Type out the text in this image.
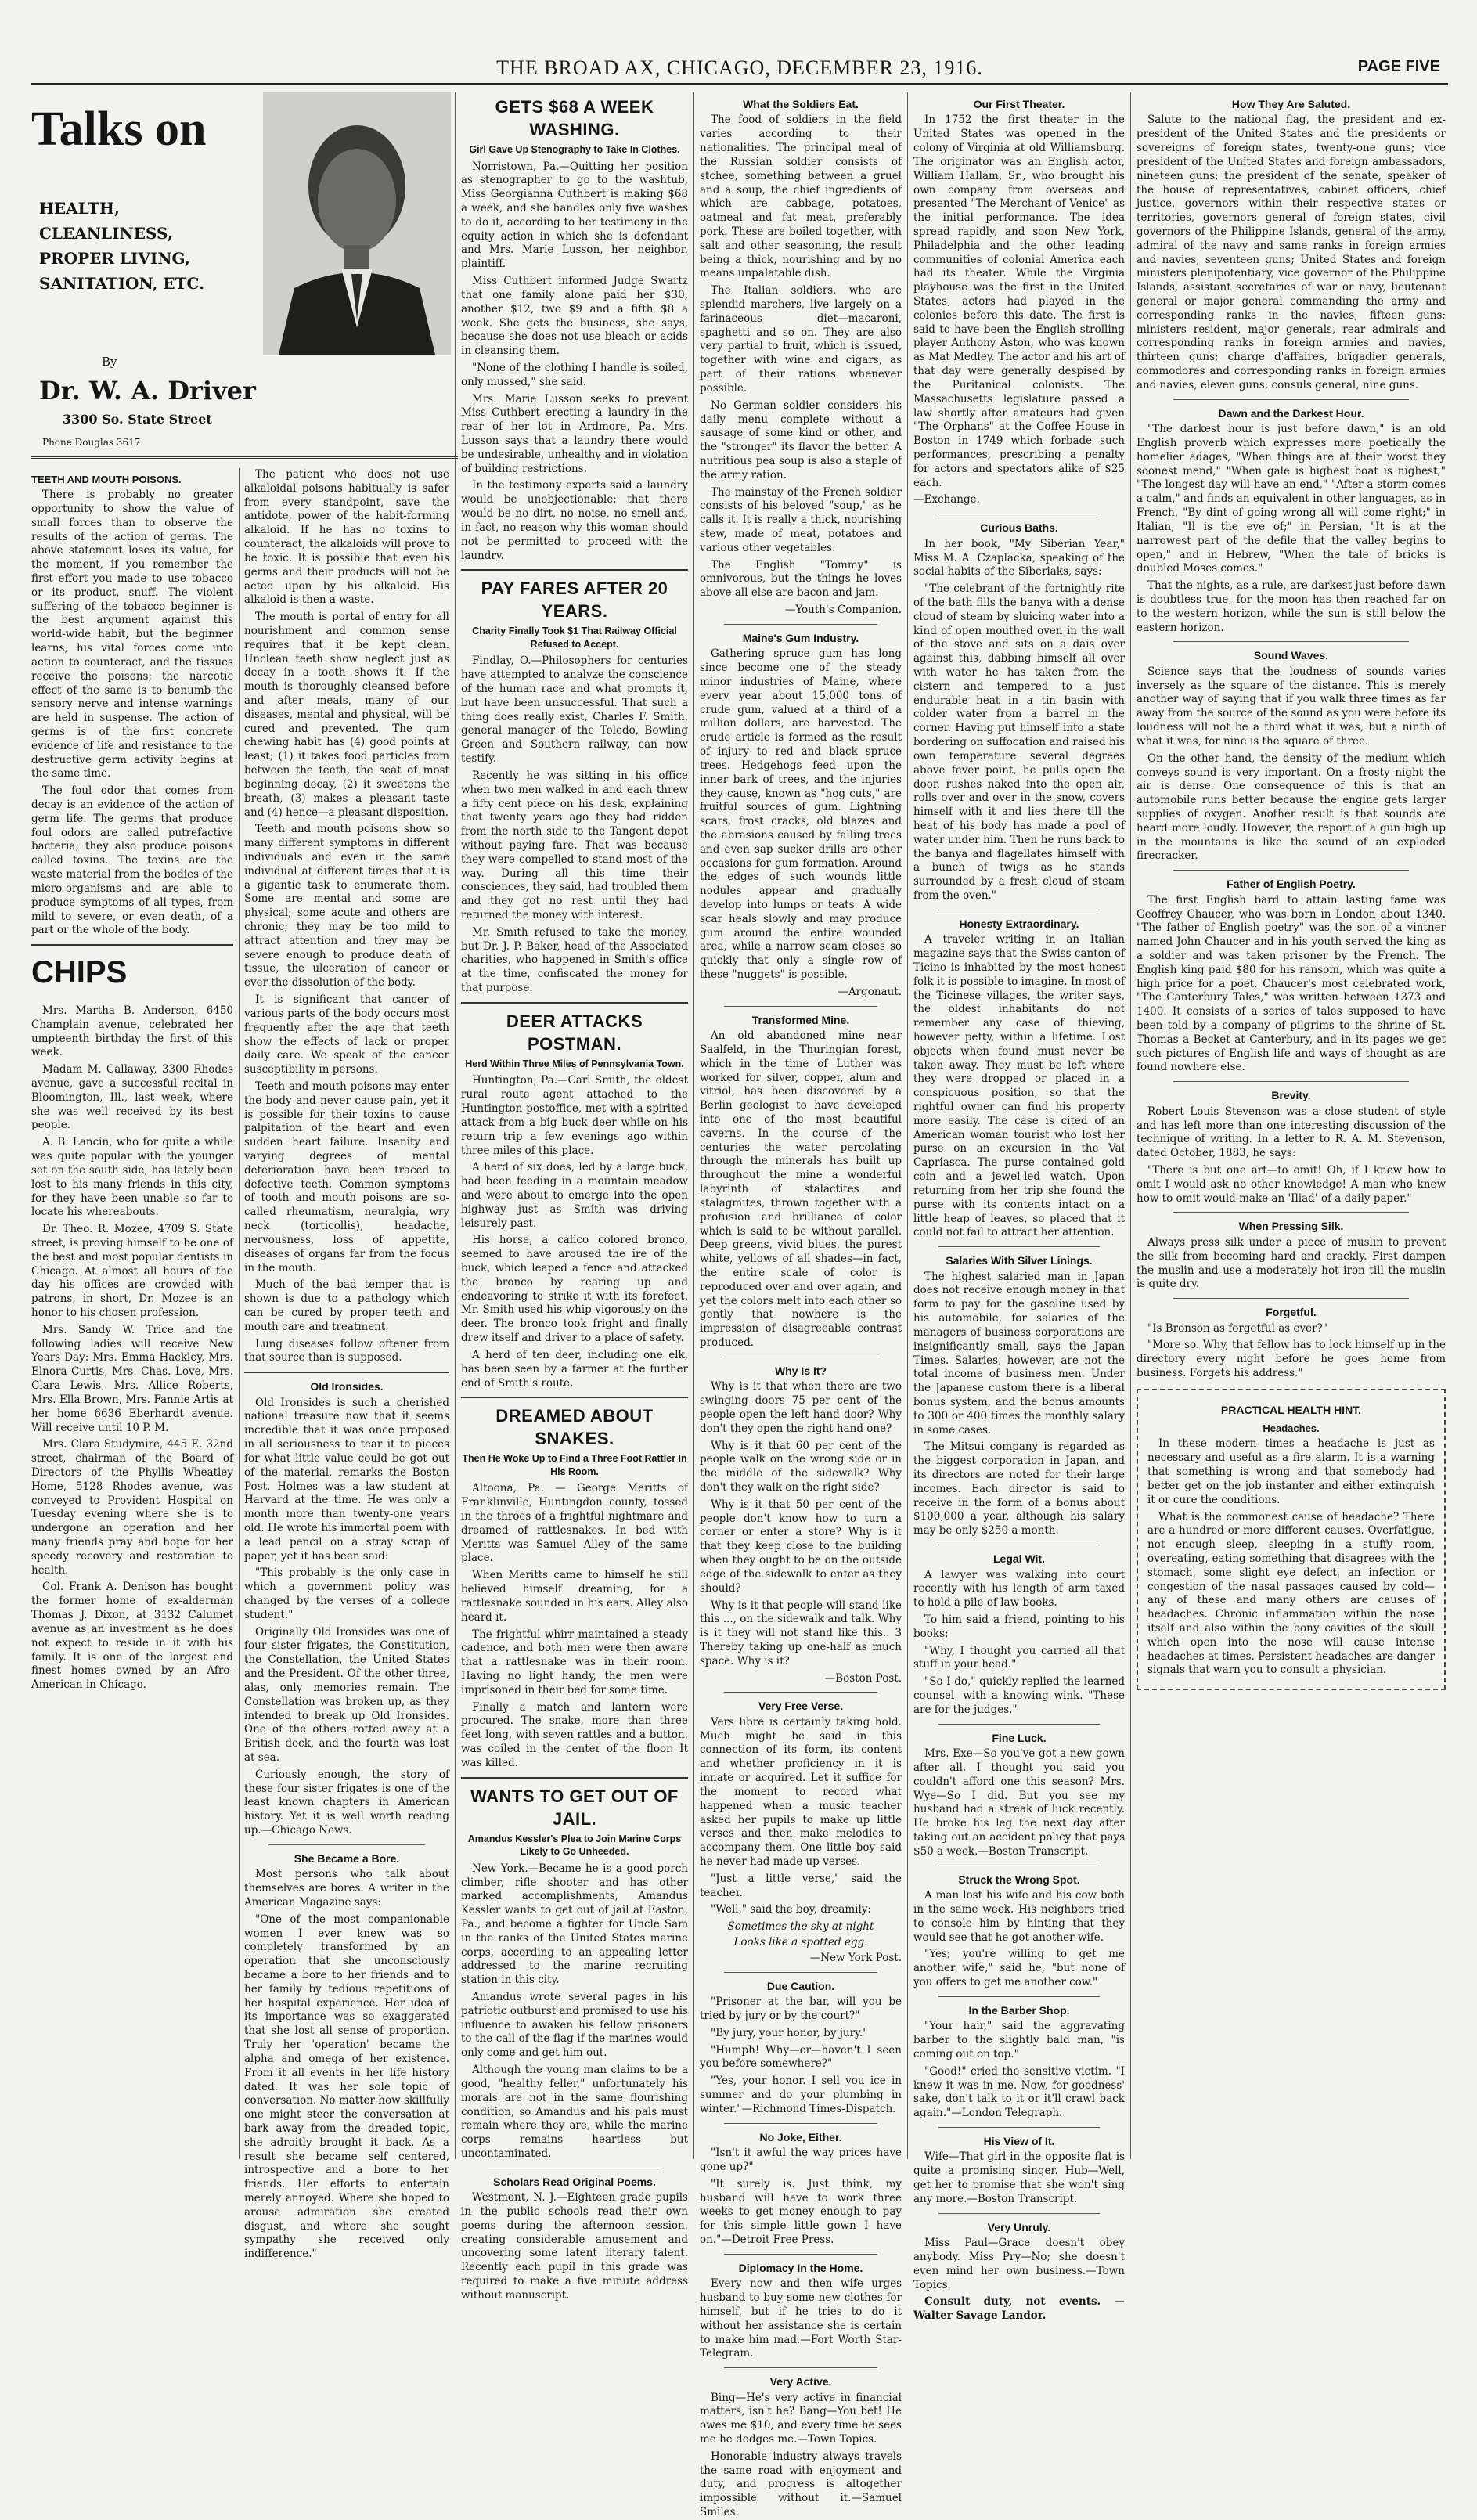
THE BROAD AX, CHICAGO, DECEMBER 23, 1916.	PAGE FIVE
Talks on
HEALTH,
CLEANLINESS,
PROPER LIVING,
SANITATION, ETC.
By
Dr. W. A. Driver
3300 So. State Street
Phone Douglas 3617
TEETH AND MOUTH POISONS.

There is probably no greater opportunity to show the value of small forces than to observe the results of the action of germs. The above statement loses its value, for the moment, if you remember the first effort you made to use tobacco or its product, snuff. The violent suffering of the tobacco beginner is the best argument against this world-wide habit, but the beginner learns, his vital forces come into action to counteract, and the tissues receive the poisons; the narcotic effect of the same is to benumb the sensory nerve and intense warnings are held in suspense. The action of germs is of the first concrete evidence of life and resistance to the destructive germ activity begins at the same time.

The foul odor that comes from decay is an evidence of the action of germ life. The germs that produce foul odors are called putrefactive bacteria; they also produce poisons called toxins. The toxins are the waste material from the bodies of the micro-organisms and are able to produce symptoms of all types, from mild to severe, or even death, of a part or the whole of the body.

CHIPS

Mrs. Martha B. Anderson, 6450 Champlain avenue, celebrated her umpteenth birthday the first of this week.

Madam M. Callaway, 3300 Rhodes avenue, gave a successful recital in Bloomington, Ill., last week, where she was well received by its best people.

A. B. Lancin, who for quite a while was quite popular with the younger set on the south side, has lately been lost to his many friends in this city, for they have been unable so far to locate his whereabouts.

Dr. Theo. R. Mozee, 4709 S. State street, is proving himself to be one of the best and most popular dentists in Chicago. At almost all hours of the day his offices are crowded with patrons, in short, Dr. Mozee is an honor to his chosen profession.

Mrs. Sandy W. Trice and the following ladies will receive New Years Day: Mrs. Emma Hackley, Mrs. Elnora Curtis, Mrs. Chas. Love, Mrs. Clara Lewis, Mrs. Allice Roberts, Mrs. Ella Brown, Mrs. Fannie Artis at her home 6636 Eberhardt avenue. Will receive until 10 P. M.

Mrs. Clara Studymire, 445 E. 32nd street, chairman of the Board of Directors of the Phyllis Wheatley Home, 5128 Rhodes avenue, was conveyed to Provident Hospital on Tuesday evening where she is to undergone an operation and her many friends pray and hope for her speedy recovery and restoration to health.

Col. Frank A. Denison has bought the former home of ex-alderman Thomas J. Dixon, at 3132 Calumet avenue as an investment as he does not expect to reside in it with his family. It is one of the largest and finest homes owned by an Afro-American in Chicago.

The patient who does not use alkaloidal poisons habitually is safer from every standpoint, save the antidote, power of the habit-forming alkaloid. If he has no toxins to counteract, the alkaloids will prove to be toxic. It is possible that even his germs and their products will not be acted upon by his alkaloid. His alkaloid is then a waste.

The mouth is portal of entry for all nourishment and common sense requires that it be kept clean. Unclean teeth show neglect just as decay in a tooth shows it. If the mouth is thoroughly cleansed before and after meals, many of our diseases, mental and physical, will be cured and prevented. The gum chewing habit has (4) good points at least; (1) it takes food particles from between the teeth, the seat of most beginning decay, (2) it sweetens the breath, (3) makes a pleasant taste and (4) hence—a pleasant disposition.

Teeth and mouth poisons show so many different symptoms in different individuals and even in the same individual at different times that it is a gigantic task to enumerate them. Some are mental and some are physical; some acute and others are chronic; they may be too mild to attract attention and they may be severe enough to produce death of tissue, the ulceration of cancer or ever the dissolution of the body.

It is significant that cancer of various parts of the body occurs most frequently after the age that teeth show the effects of lack or proper daily care. We speak of the cancer susceptibility in persons.

Teeth and mouth poisons may enter the body and never cause pain, yet it is possible for their toxins to cause palpitation of the heart and even sudden heart failure. Insanity and varying degrees of mental deterioration have been traced to defective teeth. Common symptoms of tooth and mouth poisons are so-called rheumatism, neuralgia, wry neck (torticollis), headache, nervousness, loss of appetite, diseases of organs far from the focus in the mouth.

Much of the bad temper that is shown is due to a pathology which can be cured by proper teeth and mouth care and treatment.

Lung diseases follow oftener from that source than is supposed.

Old Ironsides.

Old Ironsides is such a cherished national treasure now that it seems incredible that it was once proposed in all seriousness to tear it to pieces for what little value could be got out of the material, remarks the Boston Post. Holmes was a law student at Harvard at the time. He was only a month more than twenty-one years old. He wrote his immortal poem with a lead pencil on a stray scrap of paper, yet it has been said:

"This probably is the only case in which a government policy was changed by the verses of a college student."

Originally Old Ironsides was one of four sister frigates, the Constitution, the Constellation, the United States and the President. Of the other three, alas, only memories remain. The Constellation was broken up, as they intended to break up Old Ironsides. One of the others rotted away at a British dock, and the fourth was lost at sea.

Curiously enough, the story of these four sister frigates is one of the least known chapters in American history. Yet it is well worth reading up.—Chicago News.

She Became a Bore.

Most persons who talk about themselves are bores. A writer in the American Magazine says:

"One of the most companionable women I ever knew was so completely transformed by an operation that she unconsciously became a bore to her friends and to her family by tedious repetitions of her hospital experience. Her idea of its importance was so exaggerated that she lost all sense of proportion. Truly her 'operation' became the alpha and omega of her existence. From it all events in her life history dated. It was her sole topic of conversation. No matter how skillfully one might steer the conversation at bark away from the dreaded topic, she adroitly brought it back. As a result she became self centered, introspective and a bore to her friends. Her efforts to entertain merely annoyed. Where she hoped to arouse admiration she created disgust, and where she sought sympathy she received only indifference."

GETS $68 A WEEK WASHING.
Girl Gave Up Stenography to Take In Clothes.

Norristown, Pa.—Quitting her position as stenographer to go to the washtub, Miss Georgianna Cuthbert is making $68 a week, and she handles only five washes to do it, according to her testimony in the equity action in which she is defendant and Mrs. Marie Lusson, her neighbor, plaintiff.

Miss Cuthbert informed Judge Swartz that one family alone paid her $30, another $12, two $9 and a fifth $8 a week. She gets the business, she says, because she does not use bleach or acids in cleansing them.

"None of the clothing I handle is soiled, only mussed," she said.

Mrs. Marie Lusson seeks to prevent Miss Cuthbert erecting a laundry in the rear of her lot in Ardmore, Pa. Mrs. Lusson says that a laundry there would be undesirable, unhealthy and in violation of building restrictions.

In the testimony experts said a laundry would be unobjectionable; that there would be no dirt, no noise, no smell and, in fact, no reason why this woman should not be permitted to proceed with the laundry.

PAY FARES AFTER 20 YEARS.
Charity Finally Took $1 That Railway Official Refused to Accept.

Findlay, O.—Philosophers for centuries have attempted to analyze the conscience of the human race and what prompts it, but have been unsuccessful. That such a thing does really exist, Charles F. Smith, general manager of the Toledo, Bowling Green and Southern railway, can now testify.

Recently he was sitting in his office when two men walked in and each threw a fifty cent piece on his desk, explaining that twenty years ago they had ridden from the north side to the Tangent depot without paying fare. That was because they were compelled to stand most of the way. During all this time their consciences, they said, had troubled them and they got no rest until they had returned the money with interest.

Mr. Smith refused to take the money, but Dr. J. P. Baker, head of the Associated charities, who happened in Smith's office at the time, confiscated the money for that purpose.

DEER ATTACKS POSTMAN.
Herd Within Three Miles of Pennsylvania Town.

Huntington, Pa.—Carl Smith, the oldest rural route agent attached to the Huntington postoffice, met with a spirited attack from a big buck deer while on his return trip a few evenings ago within three miles of this place.

A herd of six does, led by a large buck, had been feeding in a mountain meadow and were about to emerge into the open highway just as Smith was driving leisurely past.

His horse, a calico colored bronco, seemed to have aroused the ire of the buck, which leaped a fence and attacked the bronco by rearing up and endeavoring to strike it with its forefeet. Mr. Smith used his whip vigorously on the deer. The bronco took fright and finally drew itself and driver to a place of safety.

A herd of ten deer, including one elk, has been seen by a farmer at the further end of Smith's route.

DREAMED ABOUT SNAKES.
Then He Woke Up to Find a Three Foot Rattler In His Room.

Altoona, Pa. — George Meritts of Franklinville, Huntingdon county, tossed in the throes of a frightful nightmare and dreamed of rattlesnakes. In bed with Meritts was Samuel Alley of the same place.

When Meritts came to himself he still believed himself dreaming, for a rattlesnake sounded in his ears. Alley also heard it.

The frightful whirr maintained a steady cadence, and both men were then aware that a rattlesnake was in their room. Having no light handy, the men were imprisoned in their bed for some time.

Finally a match and lantern were procured. The snake, more than three feet long, with seven rattles and a button, was coiled in the center of the floor. It was killed.

WANTS TO GET OUT OF JAIL.
Amandus Kessler's Plea to Join Marine Corps Likely to Go Unheeded.

New York.—Became he is a good porch climber, rifle shooter and has other marked accomplishments, Amandus Kessler wants to get out of jail at Easton, Pa., and become a fighter for Uncle Sam in the ranks of the United States marine corps, according to an appealing letter addressed to the marine recruiting station in this city.

Amandus wrote several pages in his patriotic outburst and promised to use his influence to awaken his fellow prisoners to the call of the flag if the marines would only come and get him out.

Although the young man claims to be a good, "healthy feller," unfortunately his morals are not in the same flourishing condition, so Amandus and his pals must remain where they are, while the marine corps remains heartless but uncontaminated.

Scholars Read Original Poems.

Westmont, N. J.—Eighteen grade pupils in the public schools read their own poems during the afternoon session, creating considerable amusement and uncovering some latent literary talent. Recently each pupil in this grade was required to make a five minute address without manuscript.

What the Soldiers Eat.

The food of soldiers in the field varies according to their nationalities. The principal meal of the Russian soldier consists of stchee, something between a gruel and a soup, the chief ingredients of which are cabbage, potatoes, oatmeal and fat meat, preferably pork. These are boiled together, with salt and other seasoning, the result being a thick, nourishing and by no means unpalatable dish.

The Italian soldiers, who are splendid marchers, live largely on a farinaceous diet—macaroni, spaghetti and so on. They are also very partial to fruit, which is issued, together with wine and cigars, as part of their rations whenever possible.

No German soldier considers his daily menu complete without a sausage of some kind or other, and the "stronger" its flavor the better. A nutritious pea soup is also a staple of the army ration.

The mainstay of the French soldier consists of his beloved "soup," as he calls it. It is really a thick, nourishing stew, made of meat, potatoes and various other vegetables.

The English "Tommy" is omnivorous, but the things he loves above all else are bacon and jam.

—Youth's Companion.

Maine's Gum Industry.

Gathering spruce gum has long since become one of the steady minor industries of Maine, where every year about 15,000 tons of crude gum, valued at a third of a million dollars, are harvested. The crude article is formed as the result of injury to red and black spruce trees. Hedgehogs feed upon the inner bark of trees, and the injuries they cause, known as "hog cuts," are fruitful sources of gum. Lightning scars, frost cracks, old blazes and the abrasions caused by falling trees and even sap sucker drills are other occasions for gum formation. Around the edges of such wounds little nodules appear and gradually develop into lumps or teats. A wide scar heals slowly and may produce gum around the entire wounded area, while a narrow seam closes so quickly that only a single row of these "nuggets" is possible.

—Argonaut.

Transformed Mine.

An old abandoned mine near Saalfeld, in the Thuringian forest, which in the time of Luther was worked for silver, copper, alum and vitriol, has been discovered by a Berlin geologist to have developed into one of the most beautiful caverns. In the course of the centuries the water percolating through the minerals has built up throughout the mine a wonderful labyrinth of stalactites and stalagmites, thrown together with a profusion and brilliance of color which is said to be without parallel. Deep greens, vivid blues, the purest white, yellows of all shades—in fact, the entire scale of color is reproduced over and over again, and yet the colors melt into each other so gently that nowhere is the impression of disagreeable contrast produced.

Why Is It?

Why is it that when there are two swinging doors 75 per cent of the people open the left hand door? Why don't they open the right hand one?

Why is it that 60 per cent of the people walk on the wrong side or in the middle of the sidewalk? Why don't they walk on the right side?

Why is it that 50 per cent of the people don't know how to turn a corner or enter a store? Why is it that they keep close to the building when they ought to be on the outside edge of the sidewalk to enter as they should?

Why is it that people will stand like this ..., on the sidewalk and talk. Why is it they will not stand like this.. 3 Thereby taking up one-half as much space. Why is it?

—Boston Post.

Very Free Verse.

Vers libre is certainly taking hold. Much might be said in this connection of its form, its content and whether proficiency in it is innate or acquired. Let it suffice for the moment to record what happened when a music teacher asked her pupils to make up little verses and then make melodies to accompany them. One little boy said he never had made up verses.

"Just a little verse," said the teacher.

"Well," said the boy, dreamily:

Sometimes the sky at night

Looks like a spotted egg.

—New York Post.

Due Caution.

"Prisoner at the bar, will you be tried by jury or by the court?"

"By jury, your honor, by jury."

"Humph! Why—er—haven't I seen you before somewhere?"

"Yes, your honor. I sell you ice in summer and do your plumbing in winter."—Richmond Times-Dispatch.

No Joke, Either.

"Isn't it awful the way prices have gone up?"

"It surely is. Just think, my husband will have to work three weeks to get money enough to pay for this simple little gown I have on."—Detroit Free Press.

Diplomacy In the Home.

Every now and then wife urges husband to buy some new clothes for himself, but if he tries to do it without her assistance she is certain to make him mad.—Fort Worth Star-Telegram.

Very Active.

Bing—He's very active in financial matters, isn't he? Bang—You bet! He owes me $10, and every time he sees me he dodges me.—Town Topics.

Honorable industry always travels the same road with enjoyment and duty, and progress is altogether impossible without it.—Samuel Smiles.

Our First Theater.

In 1752 the first theater in the United States was opened in the colony of Virginia at old Williamsburg. The originator was an English actor, William Hallam, Sr., who brought his own company from overseas and presented "The Merchant of Venice" as the initial performance. The idea spread rapidly, and soon New York, Philadelphia and the other leading communities of colonial America each had its theater. While the Virginia playhouse was the first in the United States, actors had played in the colonies before this date. The first is said to have been the English strolling player Anthony Aston, who was known as Mat Medley. The actor and his art of that day were generally despised by the Puritanical colonists. The Massachusetts legislature passed a law shortly after amateurs had given "The Orphans" at the Coffee House in Boston in 1749 which forbade such performances, prescribing a penalty for actors and spectators alike of $25 each.

—Exchange.

Curious Baths.

In her book, "My Siberian Year," Miss M. A. Czaplacka, speaking of the social habits of the Siberiaks, says:

"The celebrant of the fortnightly rite of the bath fills the banya with a dense cloud of steam by sluicing water into a kind of open mouthed oven in the wall of the stove and sits on a dais over against this, dabbing himself all over with water he has taken from the cistern and tempered to a just endurable heat in a tin basin with colder water from a barrel in the corner. Having put himself into a state bordering on suffocation and raised his own temperature several degrees above fever point, he pulls open the door, rushes naked into the open air, rolls over and over in the snow, covers himself with it and lies there till the heat of his body has made a pool of water under him. Then he runs back to the banya and flagellates himself with a bunch of twigs as he stands surrounded by a fresh cloud of steam from the oven."

Honesty Extraordinary.

A traveler writing in an Italian magazine says that the Swiss canton of Ticino is inhabited by the most honest folk it is possible to imagine. In most of the Ticinese villages, the writer says, the oldest inhabitants do not remember any case of thieving, however petty, within a lifetime. Lost objects when found must never be taken away. They must be left where they were dropped or placed in a conspicuous position, so that the rightful owner can find his property more easily. The case is cited of an American woman tourist who lost her purse on an excursion in the Val Capriasca. The purse contained gold coin and a jewel-led watch. Upon returning from her trip she found the purse with its contents intact on a little heap of leaves, so placed that it could not fail to attract her attention.

Salaries With Silver Linings.

The highest salaried man in Japan does not receive enough money in that form to pay for the gasoline used by his automobile, for salaries of the managers of business corporations are insignificantly small, says the Japan Times. Salaries, however, are not the total income of business men. Under the Japanese custom there is a liberal bonus system, and the bonus amounts to 300 or 400 times the monthly salary in some cases.

The Mitsui company is regarded as the biggest corporation in Japan, and its directors are noted for their large incomes. Each director is said to receive in the form of a bonus about $100,000 a year, although his salary may be only $250 a month.

Legal Wit.

A lawyer was walking into court recently with his length of arm taxed to hold a pile of law books.

To him said a friend, pointing to his books:

"Why, I thought you carried all that stuff in your head."

"So I do," quickly replied the learned counsel, with a knowing wink. "These are for the judges."

Fine Luck.

Mrs. Exe—So you've got a new gown after all. I thought you said you couldn't afford one this season? Mrs. Wye—So I did. But you see my husband had a streak of luck recently. He broke his leg the next day after taking out an accident policy that pays $50 a week.—Boston Transcript.

Struck the Wrong Spot.

A man lost his wife and his cow both in the same week. His neighbors tried to console him by hinting that they would see that he got another wife.

"Yes; you're willing to get me another wife," said he, "but none of you offers to get me another cow."

In the Barber Shop.

"Your hair," said the aggravating barber to the slightly bald man, "is coming out on top."

"Good!" cried the sensitive victim. "I knew it was in me. Now, for goodness' sake, don't talk to it or it'll crawl back again."—London Telegraph.

His View of It.

Wife—That girl in the opposite flat is quite a promising singer. Hub—Well, get her to promise that she won't sing any more.—Boston Transcript.

Very Unruly.

Miss Paul—Grace doesn't obey anybody. Miss Pry—No; she doesn't even mind her own business.—Town Topics.

Consult duty, not events. — Walter Savage Landor.

How They Are Saluted.

Salute to the national flag, the president and ex-president of the United States and the presidents or sovereigns of foreign states, twenty-one guns; vice president of the United States and foreign ambassadors, nineteen guns; the president of the senate, speaker of the house of representatives, cabinet officers, chief justice, governors within their respective states or territories, governors general of foreign states, civil governors of the Philippine Islands, general of the army, admiral of the navy and same ranks in foreign armies and navies, seventeen guns; United States and foreign ministers plenipotentiary, vice governor of the Philippine Islands, assistant secretaries of war or navy, lieutenant general or major general commanding the army and corresponding ranks in the navies, fifteen guns; ministers resident, major generals, rear admirals and corresponding ranks in foreign armies and navies, thirteen guns; charge d'affaires, brigadier generals, commodores and corresponding ranks in foreign armies and navies, eleven guns; consuls general, nine guns.

Dawn and the Darkest Hour.

"The darkest hour is just before dawn," is an old English proverb which expresses more poetically the homelier adages, "When things are at their worst they soonest mend," "When gale is highest boat is nighest," "The longest day will have an end," "After a storm comes a calm," and finds an equivalent in other languages, as in French, "By dint of going wrong all will come right;" in Italian, "Il is the eve of;" in Persian, "It is at the narrowest part of the defile that the valley begins to open," and in Hebrew, "When the tale of bricks is doubled Moses comes."

That the nights, as a rule, are darkest just before dawn is doubtless true, for the moon has then reached far on to the western horizon, while the sun is still below the eastern horizon.

Sound Waves.

Science says that the loudness of sounds varies inversely as the square of the distance. This is merely another way of saying that if you walk three times as far away from the source of the sound as you were before its loudness will not be a third what it was, but a ninth of what it was, for nine is the square of three.

On the other hand, the density of the medium which conveys sound is very important. On a frosty night the air is dense. One consequence of this is that an automobile runs better because the engine gets larger supplies of oxygen. Another result is that sounds are heard more loudly. However, the report of a gun high up in the mountains is like the sound of an exploded firecracker.

Father of English Poetry.

The first English bard to attain lasting fame was Geoffrey Chaucer, who was born in London about 1340. "The father of English poetry" was the son of a vintner named John Chaucer and in his youth served the king as a soldier and was taken prisoner by the French. The English king paid $80 for his ransom, which was quite a high price for a poet. Chaucer's most celebrated work, "The Canterbury Tales," was written between 1373 and 1400. It consists of a series of tales supposed to have been told by a company of pilgrims to the shrine of St. Thomas a Becket at Canterbury, and in its pages we get such pictures of English life and ways of thought as are found nowhere else.

Brevity.

Robert Louis Stevenson was a close student of style and has left more than one interesting discussion of the technique of writing. In a letter to R. A. M. Stevenson, dated October, 1883, he says:

"There is but one art—to omit! Oh, if I knew how to omit I would ask no other knowledge! A man who knew how to omit would make an 'Iliad' of a daily paper."

When Pressing Silk.

Always press silk under a piece of muslin to prevent the silk from becoming hard and crackly. First dampen the muslin and use a moderately hot iron till the muslin is quite dry.

Forgetful.

"Is Bronson as forgetful as ever?"

"More so. Why, that fellow has to lock himself up in the directory every night before he goes home from business. Forgets his address."

PRACTICAL HEALTH HINT.
Headaches.

In these modern times a headache is just as necessary and useful as a fire alarm. It is a warning that something is wrong and that somebody had better get on the job instanter and either extinguish it or cure the conditions.

What is the commonest cause of headache? There are a hundred or more different causes. Overfatigue, not enough sleep, sleeping in a stuffy room, overeating, eating something that disagrees with the stomach, some slight eye defect, an infection or congestion of the nasal passages caused by cold—any of these and many others are causes of headaches. Chronic inflammation within the nose itself and also within the bony cavities of the skull which open into the nose will cause intense headaches at times. Persistent headaches are danger signals that warn you to consult a physician.
